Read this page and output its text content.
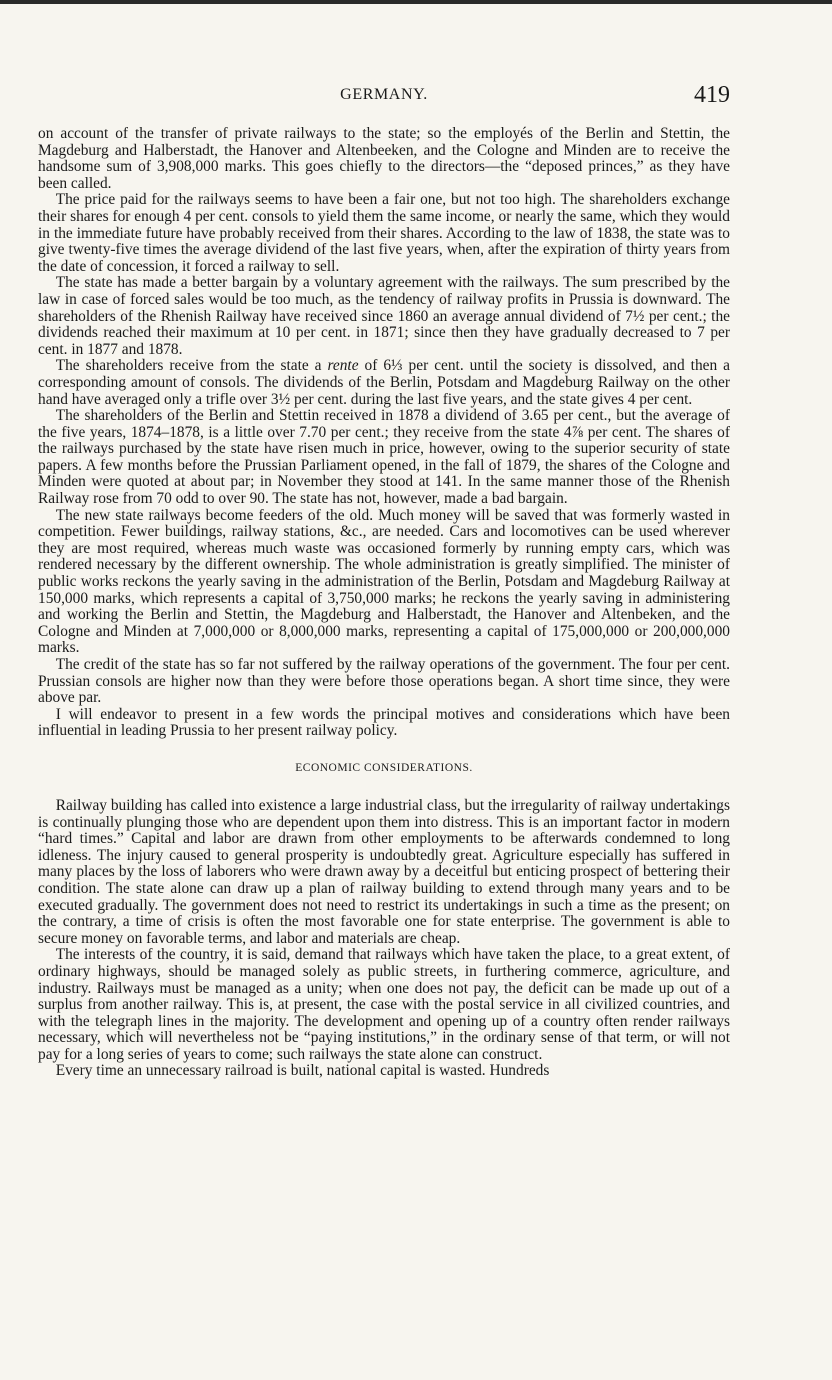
GERMANY.	419

on account of the transfer of private railways to the state; so the employés of the Berlin and Stettin, the Magdeburg and Halberstadt, the Hanover and Altenbeeken, and the Cologne and Minden are to receive the handsome sum of 3,908,000 marks. This goes chiefly to the directors—the “deposed princes,” as they have been called.

The price paid for the railways seems to have been a fair one, but not too high. The shareholders exchange their shares for enough 4 per cent. consols to yield them the same income, or nearly the same, which they would in the immediate future have probably received from their shares. According to the law of 1838, the state was to give twenty-five times the average dividend of the last five years, when, after the expiration of thirty years from the date of concession, it forced a railway to sell.

The state has made a better bargain by a voluntary agreement with the railways. The sum prescribed by the law in case of forced sales would be too much, as the tendency of railway profits in Prussia is downward. The shareholders of the Rhenish Railway have received since 1860 an average annual dividend of 7½ per cent.; the dividends reached their maximum at 10 per cent. in 1871; since then they have gradually decreased to 7 per cent. in 1877 and 1878.

The shareholders receive from the state a rente of 6⅓ per cent. until the society is dissolved, and then a corresponding amount of consols. The dividends of the Berlin, Potsdam and Magdeburg Railway on the other hand have averaged only a trifle over 3½ per cent. during the last five years, and the state gives 4 per cent.

The shareholders of the Berlin and Stettin received in 1878 a dividend of 3.65 per cent., but the average of the five years, 1874–1878, is a little over 7.70 per cent.; they receive from the state 4⅞ per cent. The shares of the railways purchased by the state have risen much in price, however, owing to the superior security of state papers. A few months before the Prussian Parliament opened, in the fall of 1879, the shares of the Cologne and Minden were quoted at about par; in November they stood at 141. In the same manner those of the Rhenish Railway rose from 70 odd to over 90. The state has not, however, made a bad bargain.

The new state railways become feeders of the old. Much money will be saved that was formerly wasted in competition. Fewer buildings, railway stations, &c., are needed. Cars and locomotives can be used wherever they are most required, whereas much waste was occasioned formerly by running empty cars, which was rendered necessary by the different ownership. The whole administration is greatly simplified. The minister of public works reckons the yearly saving in the administration of the Berlin, Potsdam and Magdeburg Railway at 150,000 marks, which represents a capital of 3,750,000 marks; he reckons the yearly saving in administering and working the Berlin and Stettin, the Magdeburg and Halberstadt, the Hanover and Altenbeken, and the Cologne and Minden at 7,000,000 or 8,000,000 marks, representing a capital of 175,000,000 or 200,000,000 marks.

The credit of the state has so far not suffered by the railway operations of the government. The four per cent. Prussian consols are higher now than they were before those operations began. A short time since, they were above par.

I will endeavor to present in a few words the principal motives and considerations which have been influential in leading Prussia to her present railway policy.

ECONOMIC CONSIDERATIONS.

Railway building has called into existence a large industrial class, but the irregularity of railway undertakings is continually plunging those who are dependent upon them into distress. This is an important factor in modern “hard times.” Capital and labor are drawn from other employments to be afterwards condemned to long idleness. The injury caused to general prosperity is undoubtedly great. Agriculture especially has suffered in many places by the loss of laborers who were drawn away by a deceitful but enticing prospect of bettering their condition. The state alone can draw up a plan of railway building to extend through many years and to be executed gradually. The government does not need to restrict its undertakings in such a time as the present; on the contrary, a time of crisis is often the most favorable one for state enterprise. The government is able to secure money on favorable terms, and labor and materials are cheap.

The interests of the country, it is said, demand that railways which have taken the place, to a great extent, of ordinary highways, should be managed solely as public streets, in furthering commerce, agriculture, and industry. Railways must be managed as a unity; when one does not pay, the deficit can be made up out of a surplus from another railway. This is, at present, the case with the postal service in all civilized countries, and with the telegraph lines in the majority. The development and opening up of a country often render railways necessary, which will nevertheless not be “paying institutions,” in the ordinary sense of that term, or will not pay for a long series of years to come; such railways the state alone can construct.

Every time an unnecessary railroad is built, national capital is wasted. Hundreds
